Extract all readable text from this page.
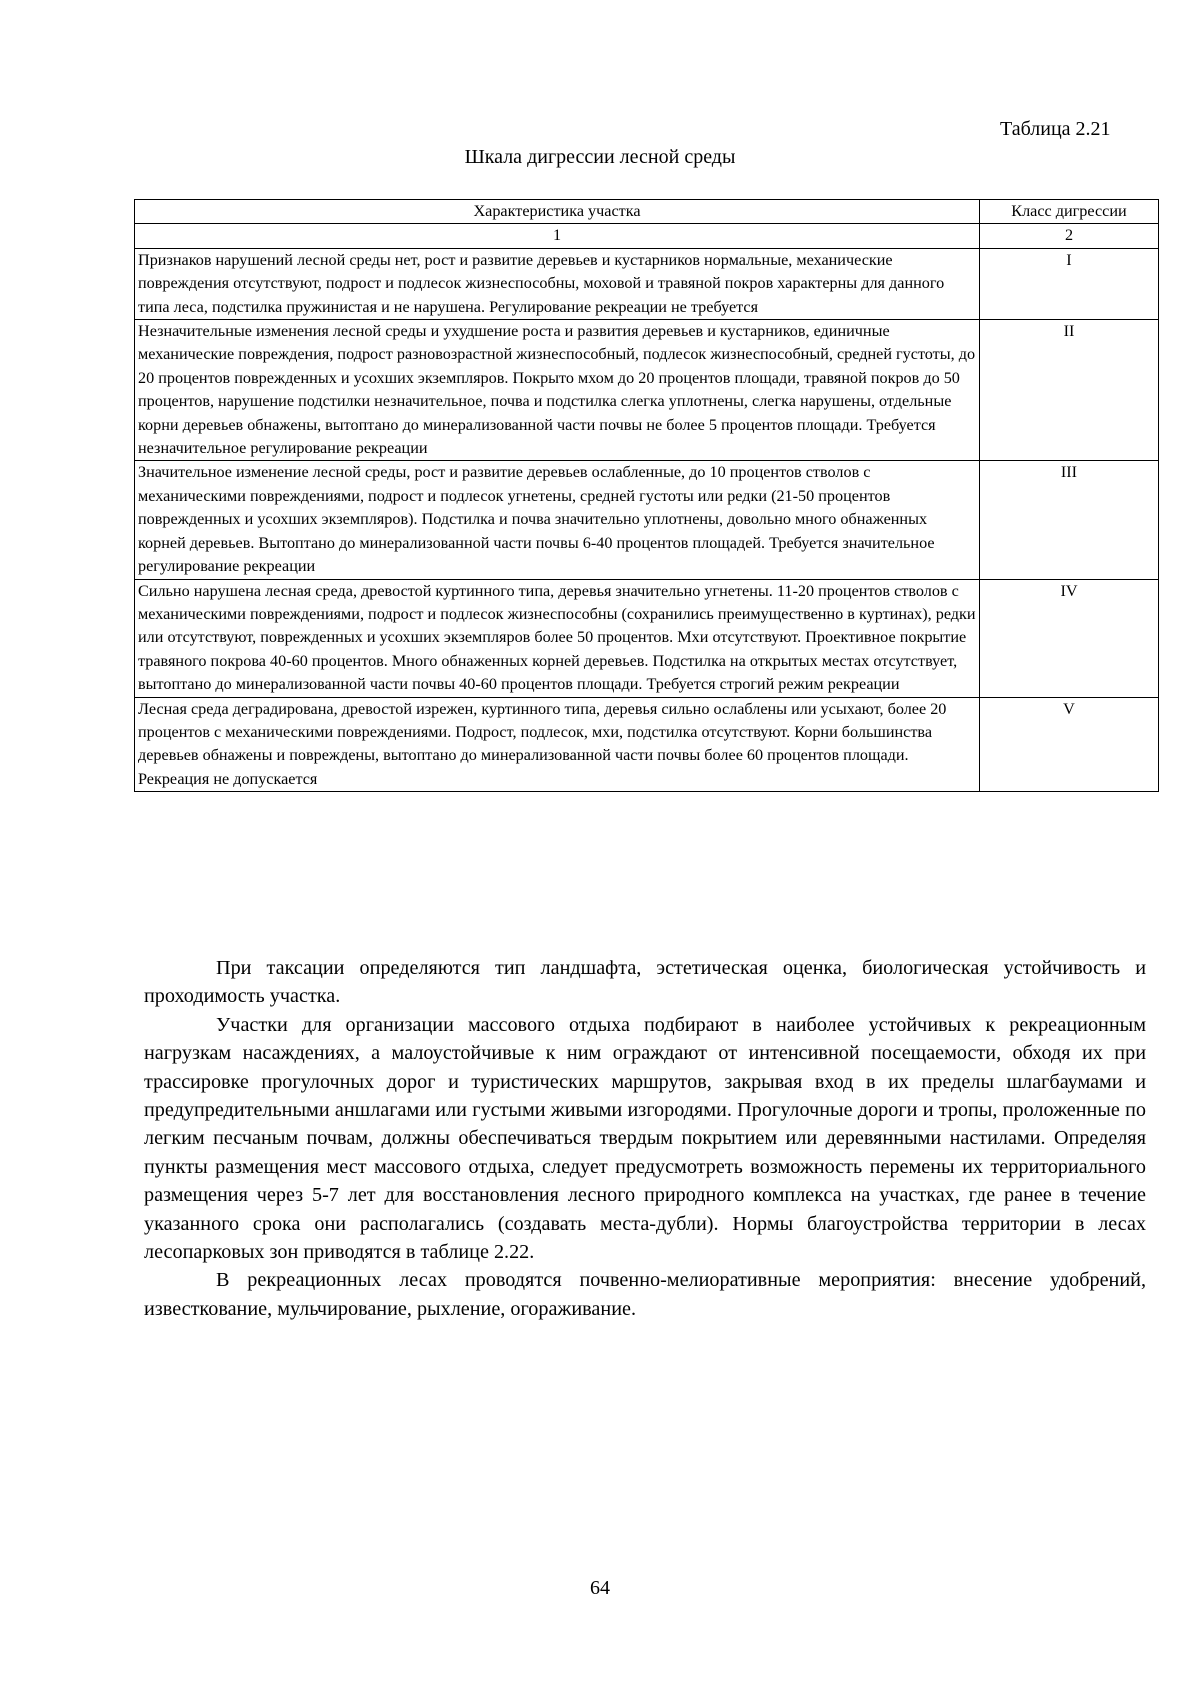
Таблица 2.21
Шкала дигрессии лесной среды
Характеристика участка	Класс дигрессии
1	2
Признаков нарушений лесной среды нет, рост и развитие деревьев и кустарников нормальные, механические повреждения отсутствуют, подрост и подлесок жизнеспособны, моховой и травяной покров характерны для данного типа леса, подстилка пружинистая и не нарушена. Регулирование рекреации не требуется	I
Незначительные изменения лесной среды и ухудшение роста и развития деревьев и кустарников, единичные механические повреждения, подрост разновозрастной жизнеспособный, подлесок жизнеспособный, средней густоты, до 20 процентов поврежденных и усохших экземпляров. Покрыто мхом до 20 процентов площади, травяной покров до 50 процентов, нарушение подстилки незначительное, почва и подстилка слегка уплотнены, слегка нарушены, отдельные корни деревьев обнажены, вытоптано до минерализованной части почвы не более 5 процентов площади. Требуется незначительное регулирование рекреации	II
Значительное изменение лесной среды, рост и развитие деревьев ослабленные, до 10 процентов стволов с механическими повреждениями, подрост и подлесок угнетены, средней густоты или редки (21-50 процентов поврежденных и усохших экземпляров). Подстилка и почва значительно уплотнены, довольно много обнаженных корней деревьев. Вытоптано до минерализованной части почвы 6-40 процентов площадей. Требуется значительное регулирование рекреации	III
Сильно нарушена лесная среда, древостой куртинного типа, деревья значительно угнетены. 11-20 процентов стволов с механическими повреждениями, подрост и подлесок жизнеспособны (сохранились преимущественно в куртинах), редки или отсутствуют, поврежденных и усохших экземпляров более 50 процентов. Мхи отсутствуют. Проективное покрытие травяного покрова 40-60 процентов. Много обнаженных корней деревьев. Подстилка на открытых местах отсутствует, вытоптано до минерализованной части почвы 40-60 процентов площади. Требуется строгий режим рекреации	IV
Лесная среда деградирована, древостой изрежен, куртинного типа, деревья сильно ослаблены или усыхают, более 20 процентов с механическими повреждениями. Подрост, подлесок, мхи, подстилка отсутствуют. Корни большинства деревьев обнажены и повреждены, вытоптано до минерализованной части почвы более 60 процентов площади. Рекреация не допускается	V

При таксации определяются тип ландшафта, эстетическая оценка, биологическая устойчивость и проходимость участка.

Участки для организации массового отдыха подбирают в наиболее устойчивых к рекреационным нагрузкам насаждениях, а малоустойчивые к ним ограждают от интенсивной посещаемости, обходя их при трассировке прогулочных дорог и туристических маршрутов, закрывая вход в их пределы шлагбаумами и предупредительными аншлагами или густыми живыми изгородями. Прогулочные дороги и тропы, проложенные по легким песчаным почвам, должны обеспечиваться твердым покрытием или деревянными настилами. Определяя пункты размещения мест массового отдыха, следует предусмотреть возможность перемены их территориального размещения через 5-7 лет для восстановления лесного природного комплекса на участках, где ранее в течение указанного срока они располагались (создавать места-дубли). Нормы благоустройства территории в лесах лесопарковых зон приводятся в таблице 2.22.

В рекреационных лесах проводятся почвенно-мелиоративные мероприятия: внесение удобрений, известкование, мульчирование, рыхление, огораживание.

64
